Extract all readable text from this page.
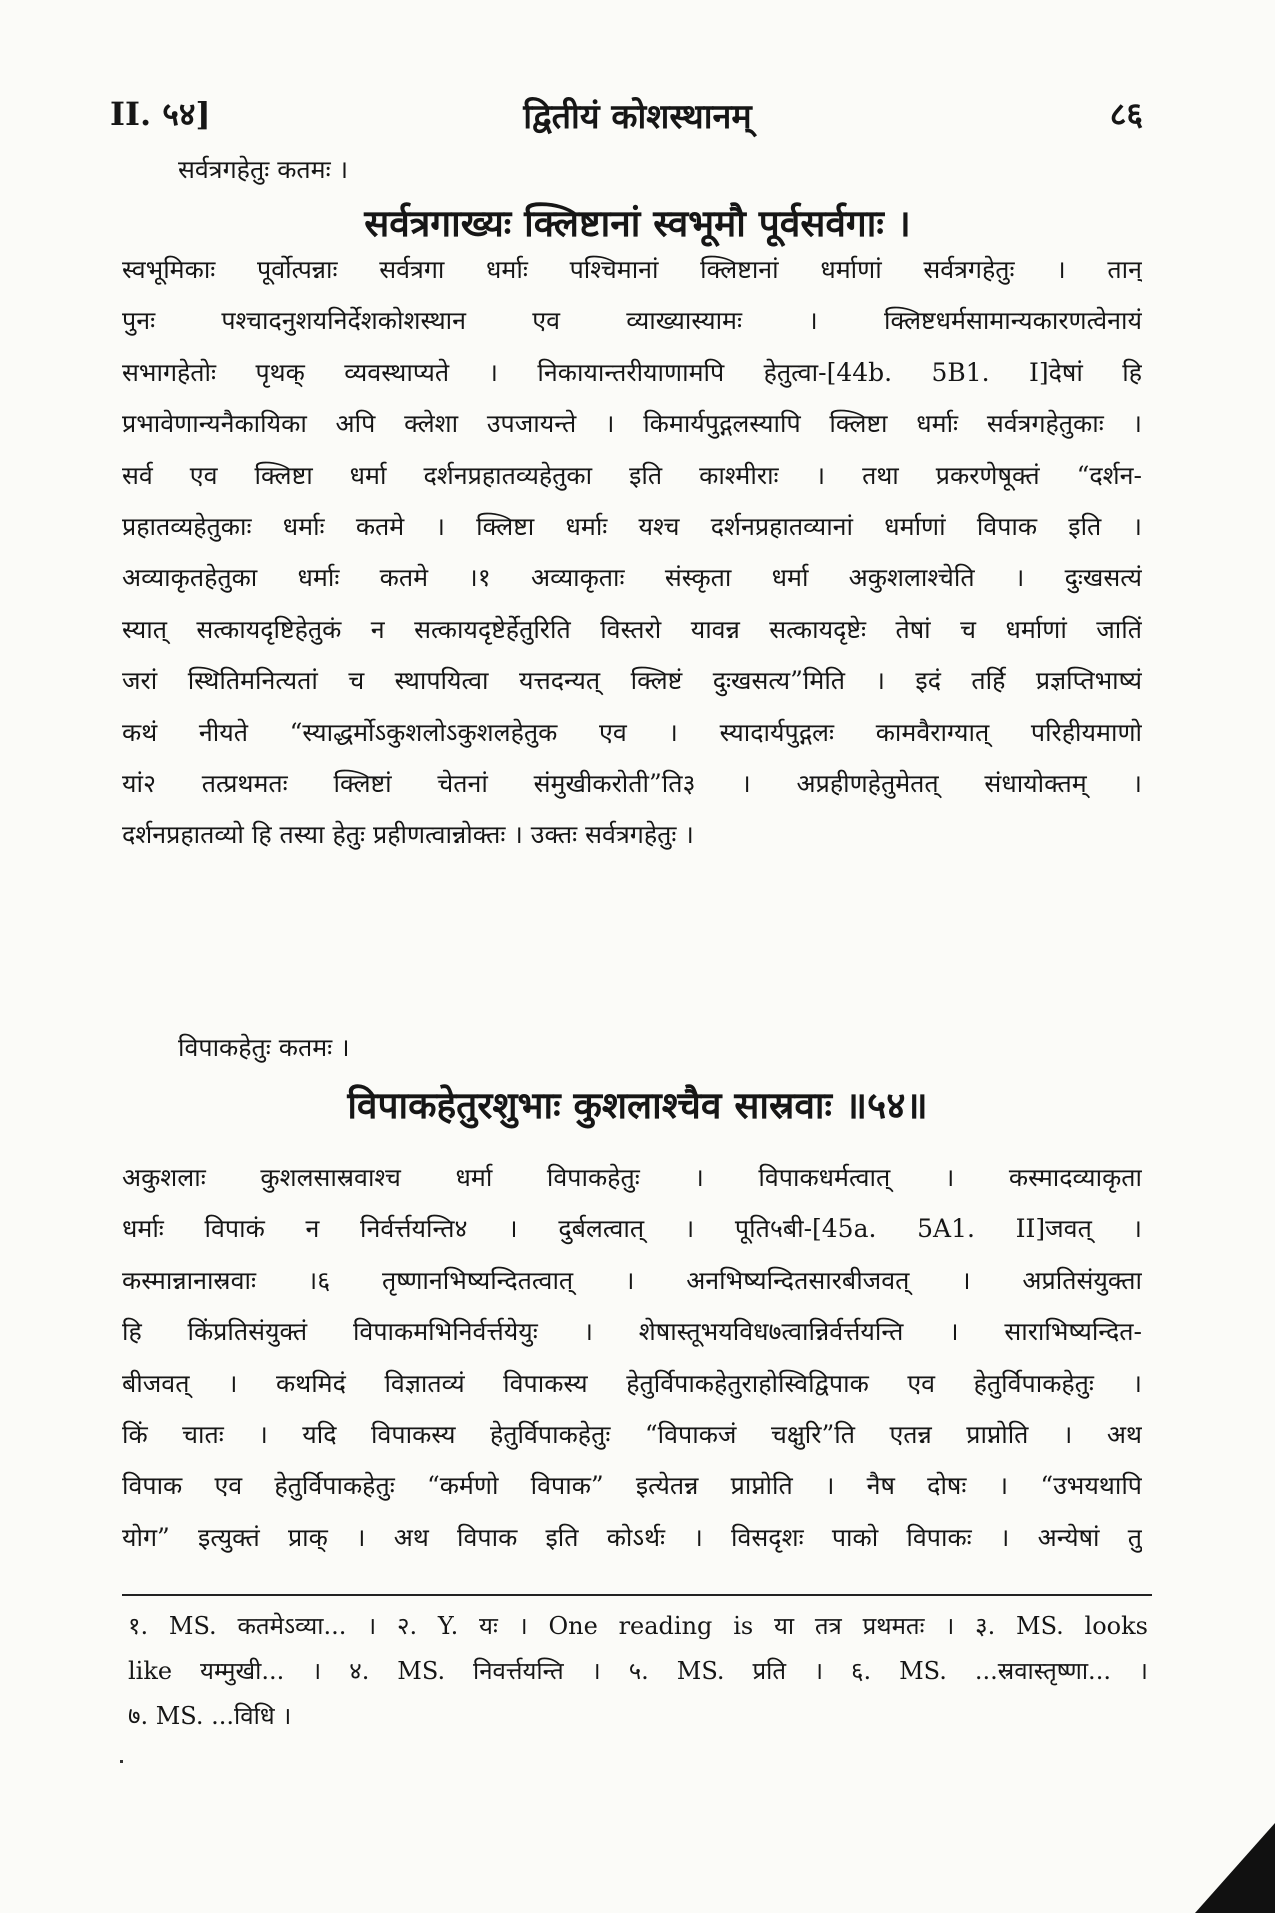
II. ५४]	द्वितीयं कोशस्थानम्	८६
सर्वत्रगहेतुः कतमः ।
सर्वत्रगाख्यः क्लिष्टानां स्वभूमौ पूर्वसर्वगाः ।
स्वभूमिकाः पूर्वोत्पन्नाः सर्वत्रगा धर्माः पश्चिमानां क्लिष्टानां धर्माणां सर्वत्रगहेतुः । तान्
पुनः पश्चादनुशयनिर्देशकोशस्थान एव व्याख्यास्यामः । क्लिष्टधर्मसामान्यकारणत्वेनायं
सभागहेतोः पृथक् व्यवस्थाप्यते । निकायान्तरीयाणामपि हेतुत्वा-[44b. 5B1. I]देषां हि
प्रभावेणान्यनैकायिका अपि क्लेशा उपजायन्ते । किमार्यपुद्गलस्यापि क्लिष्टा धर्माः सर्वत्रगहेतुकाः ।
सर्व एव क्लिष्टा धर्मा दर्शनप्रहातव्यहेतुका इति काश्मीराः । तथा प्रकरणेषूक्तं “दर्शन-
प्रहातव्यहेतुकाः धर्माः कतमे । क्लिष्टा धर्माः यश्च दर्शनप्रहातव्यानां धर्माणां विपाक इति ।
अव्याकृतहेतुका धर्माः कतमे ।१ अव्याकृताः संस्कृता धर्मा अकुशलाश्चेति । दुःखसत्यं
स्यात् सत्कायदृष्टिहेतुकं न सत्कायदृष्टेर्हेतुरिति विस्तरो यावन्न सत्कायदृष्टेः तेषां च धर्माणां जातिं
जरां स्थितिमनित्यतां च स्थापयित्वा यत्तदन्यत् क्लिष्टं दुःखसत्य”मिति । इदं तर्हि प्रज्ञप्तिभाष्यं
कथं नीयते “स्याद्धर्मोऽकुशलोऽकुशलहेतुक एव । स्यादार्यपुद्गलः कामवैराग्यात् परिहीयमाणो
यां२ तत्प्रथमतः क्लिष्टां चेतनां संमुखीकरोती”ति३ । अप्रहीणहेतुमेतत् संधायोक्तम् ।
दर्शनप्रहातव्यो हि तस्या हेतुः प्रहीणत्वान्नोक्तः । उक्तः सर्वत्रगहेतुः ।
विपाकहेतुः कतमः ।
विपाकहेतुरशुभाः कुशलाश्चैव सास्रवाः ॥५४॥
अकुशलाः कुशलसास्रवाश्च धर्मा विपाकहेतुः । विपाकधर्मत्वात् । कस्मादव्याकृता
धर्माः विपाकं न निर्वर्त्तयन्ति४ । दुर्बलत्वात् । पूति५बी-[45a. 5A1. II]जवत् ।
कस्मान्नानास्रवाः ।६ तृष्णानभिष्यन्दितत्वात् । अनभिष्यन्दितसारबीजवत् । अप्रतिसंयुक्ता
हि किंप्रतिसंयुक्तं विपाकमभिनिर्वर्त्तयेयुः । शेषास्तूभयविध७त्वान्निर्वर्त्तयन्ति । साराभिष्यन्दित-
बीजवत् । कथमिदं विज्ञातव्यं विपाकस्य हेतुर्विपाकहेतुराहोस्विद्विपाक एव हेतुर्विपाकहेतुः ।
किं चातः । यदि विपाकस्य हेतुर्विपाकहेतुः “विपाकजं चक्षुरि”ति एतन्न प्राप्नोति । अथ
विपाक एव हेतुर्विपाकहेतुः “कर्मणो विपाक” इत्येतन्न प्राप्नोति । नैष दोषः । “उभयथापि
योग” इत्युक्तं प्राक् । अथ विपाक इति कोऽर्थः । विसदृशः पाको विपाकः । अन्येषां तु
१. MS. कतमेऽव्या... । २. Y. यः । One reading is या तत्र प्रथमतः । ३. MS. looks
like यम्मुखी... । ४. MS. निवर्त्तयन्ति । ५. MS. प्रति । ६. MS. ...स्रवास्तृष्णा... ।
७. MS. ...विधि ।
